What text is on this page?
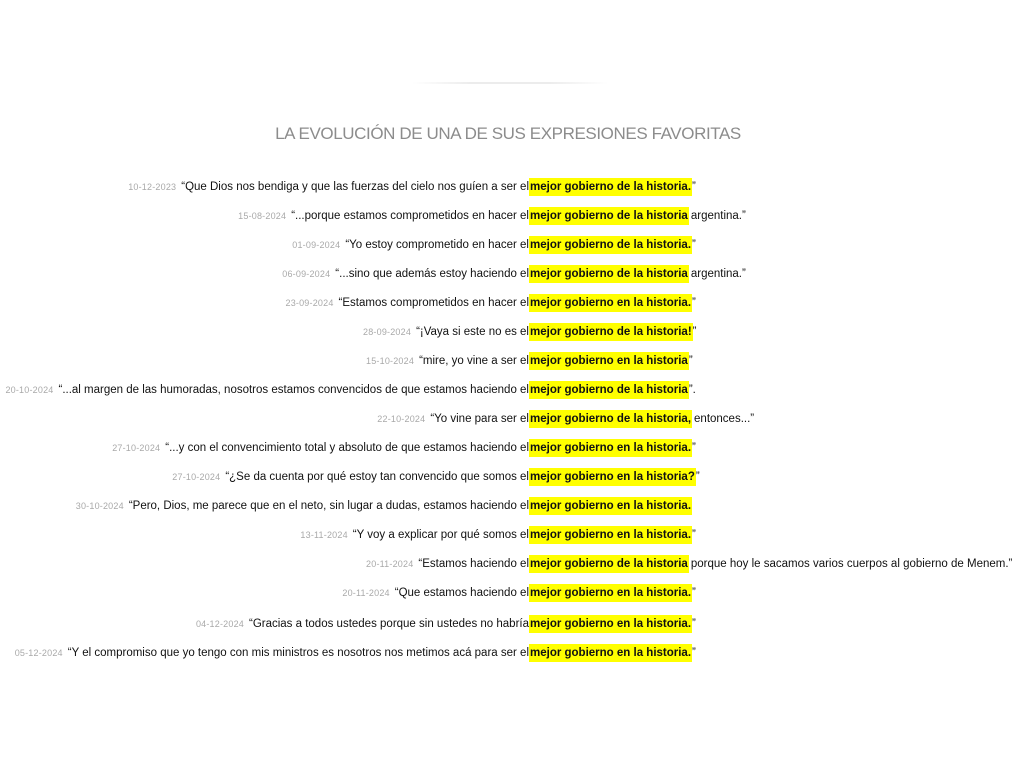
LA EVOLUCIÓN DE UNA DE SUS EXPRESIONES FAVORITAS
10-12-2023 “Que Dios nos bendiga y que las fuerzas del cielo nos guíen a ser el mejor gobierno de la historia. ”
15-08-2024 “...porque estamos comprometidos en hacer el mejor gobierno de la historia argentina.”
01-09-2024 “Yo estoy comprometido en hacer el mejor gobierno de la historia. ”
06-09-2024 “...sino que además estoy haciendo el mejor gobierno de la historia argentina.”
23-09-2024 “Estamos comprometidos en hacer el mejor gobierno en la historia. ”
28-09-2024 “¡Vaya si este no es el mejor gobierno de la historia! ”
15-10-2024 “mire, yo vine a ser el mejor gobierno en la historia ”
20-10-2024 “...al margen de las humoradas, nosotros estamos convencidos de que estamos haciendo el mejor gobierno de la historia ”.
22-10-2024 “Yo vine para ser el mejor gobierno de la historia, entonces...”
27-10-2024 “...y con el convencimiento total y absoluto de que estamos haciendo el mejor gobierno en la historia. ”
27-10-2024 “¿Se da cuenta por qué estoy tan convencido que somos el mejor gobierno en la historia? ”
30-10-2024 “Pero, Dios, me parece que en el neto, sin lugar a dudas, estamos haciendo el mejor gobierno en la historia.
13-11-2024 “Y voy a explicar por qué somos el mejor gobierno en la historia. ”
20-11-2024 “Estamos haciendo el mejor gobierno de la historia porque hoy le sacamos varios cuerpos al gobierno de Menem.”
20-11-2024 “Que estamos haciendo el mejor gobierno en la historia. ”
04-12-2024 “Gracias a todos ustedes porque sin ustedes no habría mejor gobierno en la historia. ”
05-12-2024 “Y el compromiso que yo tengo con mis ministros es nosotros nos metimos acá para ser el mejor gobierno en la historia. ”
